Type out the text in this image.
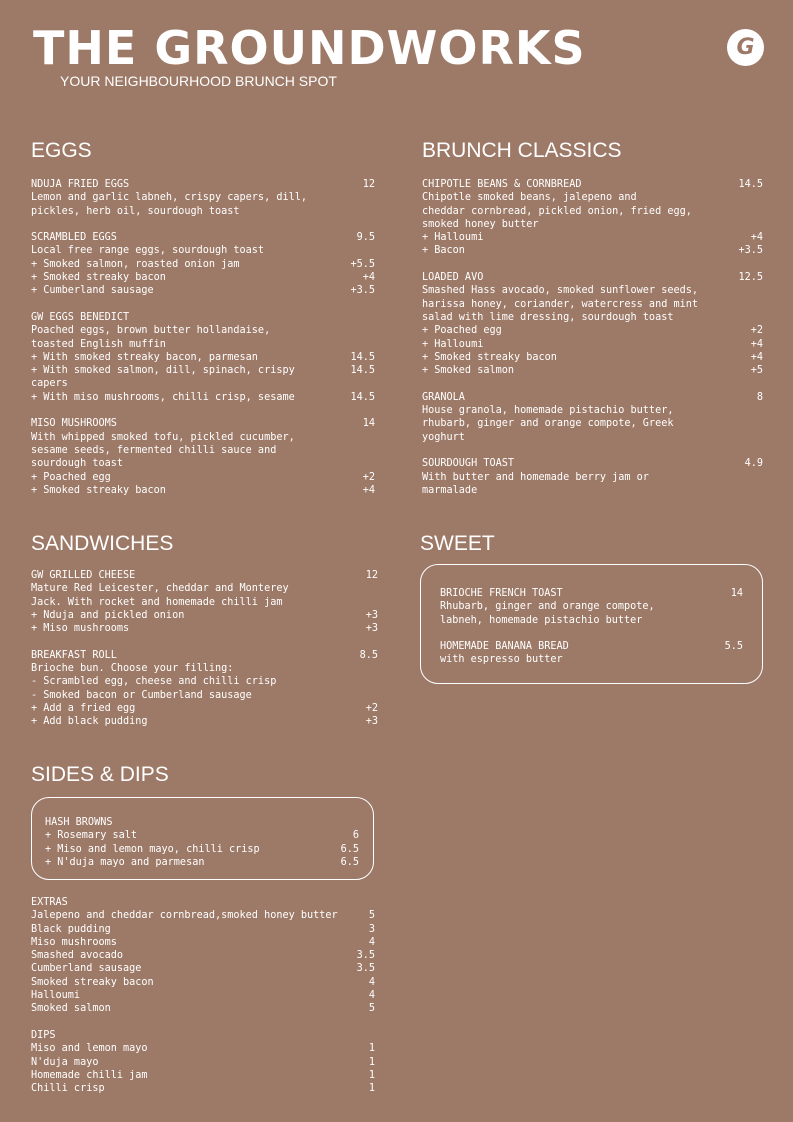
THE GROUNDWORKS
YOUR NEIGHBOURHOOD BRUNCH SPOT
G
EGGS
NDUJA FRIED EGGS	12
Lemon and garlic labneh, crispy capers, dill,
pickles, herb oil, sourdough toast
SCRAMBLED EGGS	9.5
Local free range eggs, sourdough toast
+ Smoked salmon, roasted onion jam	+5.5
+ Smoked streaky bacon	+4
+ Cumberland sausage	+3.5
GW EGGS BENEDICT
Poached eggs, brown butter hollandaise,
toasted English muffin
+ With smoked streaky bacon, parmesan	14.5
+ With smoked salmon, dill, spinach, crispy	14.5
capers
+ With miso mushrooms, chilli crisp, sesame	14.5
MISO MUSHROOMS	14
With whipped smoked tofu, pickled cucumber,
sesame seeds, fermented chilli sauce and
sourdough toast
+ Poached egg	+2
+ Smoked streaky bacon	+4
BRUNCH CLASSICS
CHIPOTLE BEANS & CORNBREAD	14.5
Chipotle smoked beans, jalepeno and
cheddar cornbread, pickled onion, fried egg,
smoked honey butter
+ Halloumi	+4
+ Bacon	+3.5
LOADED AVO	12.5
Smashed Hass avocado, smoked sunflower seeds,
harissa honey, coriander, watercress and mint
salad with lime dressing, sourdough toast
+ Poached egg	+2
+ Halloumi	+4
+ Smoked streaky bacon	+4
+ Smoked salmon	+5
GRANOLA	8
House granola, homemade pistachio butter,
rhubarb, ginger and orange compote, Greek
yoghurt
SOURDOUGH TOAST	4.9
With butter and homemade berry jam or
marmalade
SANDWICHES
GW GRILLED CHEESE	12
Mature Red Leicester, cheddar and Monterey
Jack. With rocket and homemade chilli jam
+ Nduja and pickled onion	+3
+ Miso mushrooms	+3
BREAKFAST ROLL	8.5
Brioche bun. Choose your filling:
- Scrambled egg, cheese and chilli crisp
- Smoked bacon or Cumberland sausage
+ Add a fried egg	+2
+ Add black pudding	+3
SWEET
BRIOCHE FRENCH TOAST	14
Rhubarb, ginger and orange compote,
labneh, homemade pistachio butter
HOMEMADE BANANA BREAD	5.5
with espresso butter
SIDES & DIPS
HASH BROWNS
+ Rosemary salt	6
+ Miso and lemon mayo, chilli crisp	6.5
+ N'duja mayo and parmesan	6.5
EXTRAS
Jalepeno and cheddar cornbread,smoked honey butter	5
Black pudding	3
Miso mushrooms	4
Smashed avocado	3.5
Cumberland sausage	3.5
Smoked streaky bacon	4
Halloumi	4
Smoked salmon	5
DIPS
Miso and lemon mayo	1
N'duja mayo	1
Homemade chilli jam	1
Chilli crisp	1
